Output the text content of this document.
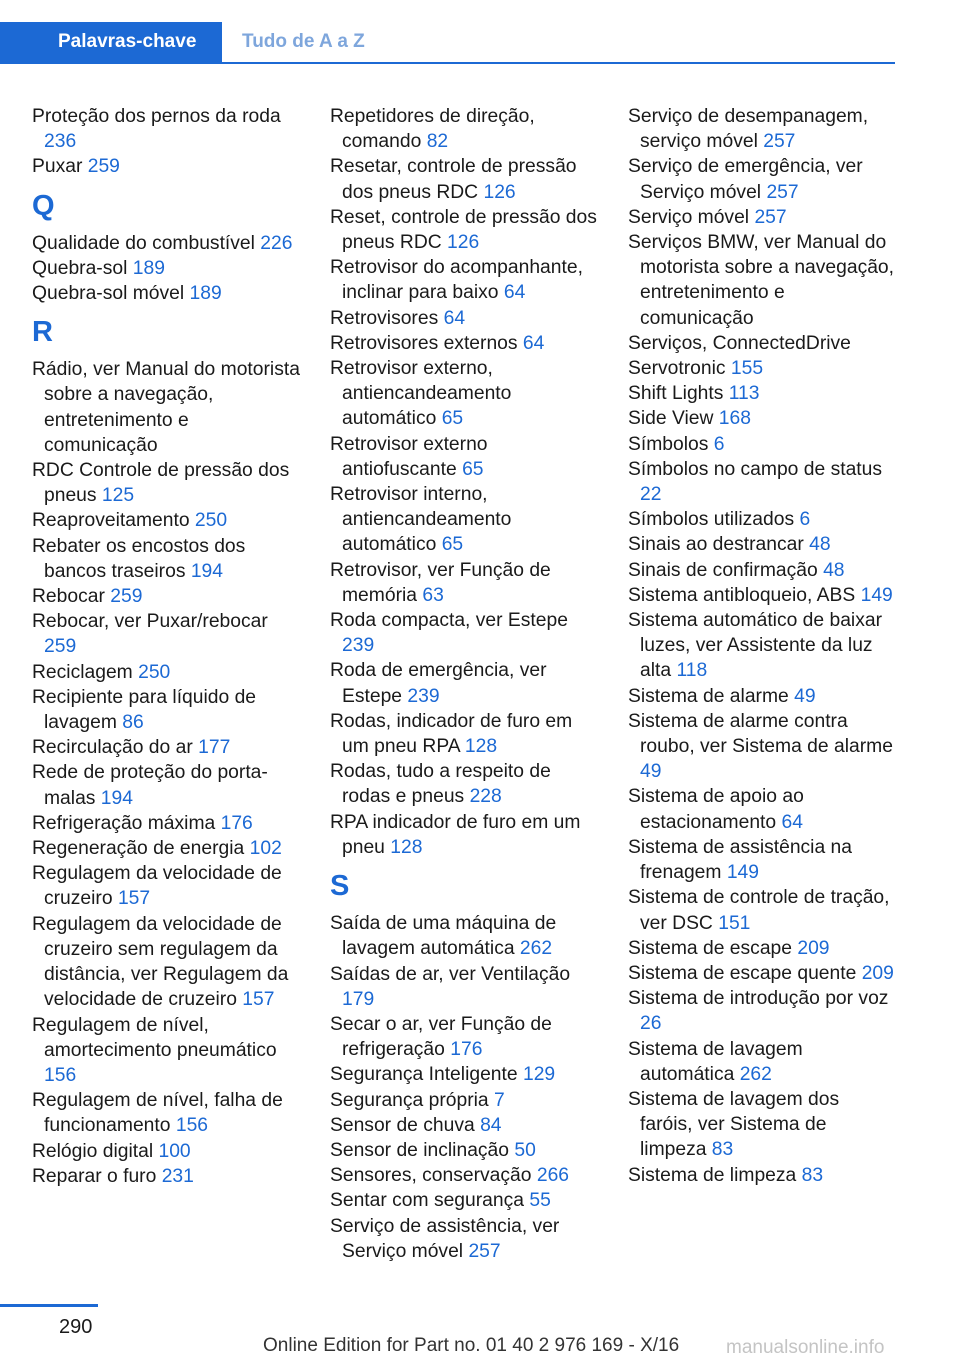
Palavras-chave	Tudo de A a Z
Proteção dos pernos da roda 236
Puxar 259
Q
Qualidade do combustível 226
Quebra-sol 189
Quebra-sol móvel 189
R
Rádio, ver Manual do motorista sobre a navegação, entretenimento e comunicação
RDC Controle de pressão dos pneus 125
Reaproveitamento 250
Rebater os encostos dos bancos traseiros 194
Rebocar 259
Rebocar, ver Puxar/rebocar 259
Reciclagem 250
Recipiente para líquido de lavagem 86
Recirculação do ar 177
Rede de proteção do porta-malas 194
Refrigeração máxima 176
Regeneração de energia 102
Regulagem da velocidade de cruzeiro 157
Regulagem da velocidade de cruzeiro sem regulagem da distância, ver Regulagem da velocidade de cruzeiro 157
Regulagem de nível, amortecimento pneumático 156
Regulagem de nível, falha de funcionamento 156
Relógio digital 100
Reparar o furo 231
Repetidores de direção, comando 82
Resetar, controle de pressão dos pneus RDC 126
Reset, controle de pressão dos pneus RDC 126
Retrovisor do acompanhante, inclinar para baixo 64
Retrovisores 64
Retrovisores externos 64
Retrovisor externo, antiencandeamento automático 65
Retrovisor externo antiofuscante 65
Retrovisor interno, antiencandeamento automático 65
Retrovisor, ver Função de memória 63
Roda compacta, ver Estepe 239
Roda de emergência, ver Estepe 239
Rodas, indicador de furo em um pneu RPA 128
Rodas, tudo a respeito de rodas e pneus 228
RPA indicador de furo em um pneu 128
S
Saída de uma máquina de lavagem automática 262
Saídas de ar, ver Ventilação 179
Secar o ar, ver Função de refrigeração 176
Segurança Inteligente 129
Segurança própria 7
Sensor de chuva 84
Sensor de inclinação 50
Sensores, conservação 266
Sentar com segurança 55
Serviço de assistência, ver Serviço móvel 257
Serviço de desempanagem, serviço móvel 257
Serviço de emergência, ver Serviço móvel 257
Serviço móvel 257
Serviços BMW, ver Manual do motorista sobre a navegação, entretenimento e comunicação
Serviços, ConnectedDrive
Servotronic 155
Shift Lights 113
Side View 168
Símbolos 6
Símbolos no campo de status 22
Símbolos utilizados 6
Sinais ao destrancar 48
Sinais de confirmação 48
Sistema antibloqueio, ABS 149
Sistema automático de baixar luzes, ver Assistente da luz alta 118
Sistema de alarme 49
Sistema de alarme contra roubo, ver Sistema de alarme 49
Sistema de apoio ao estacionamento 64
Sistema de assistência na frenagem 149
Sistema de controle de tração, ver DSC 151
Sistema de escape 209
Sistema de escape quente 209
Sistema de introdução por voz 26
Sistema de lavagem automática 262
Sistema de lavagem dos faróis, ver Sistema de limpeza 83
Sistema de limpeza 83
290
Online Edition for Part no. 01 40 2 976 169 - X/16 manualsonline.info
